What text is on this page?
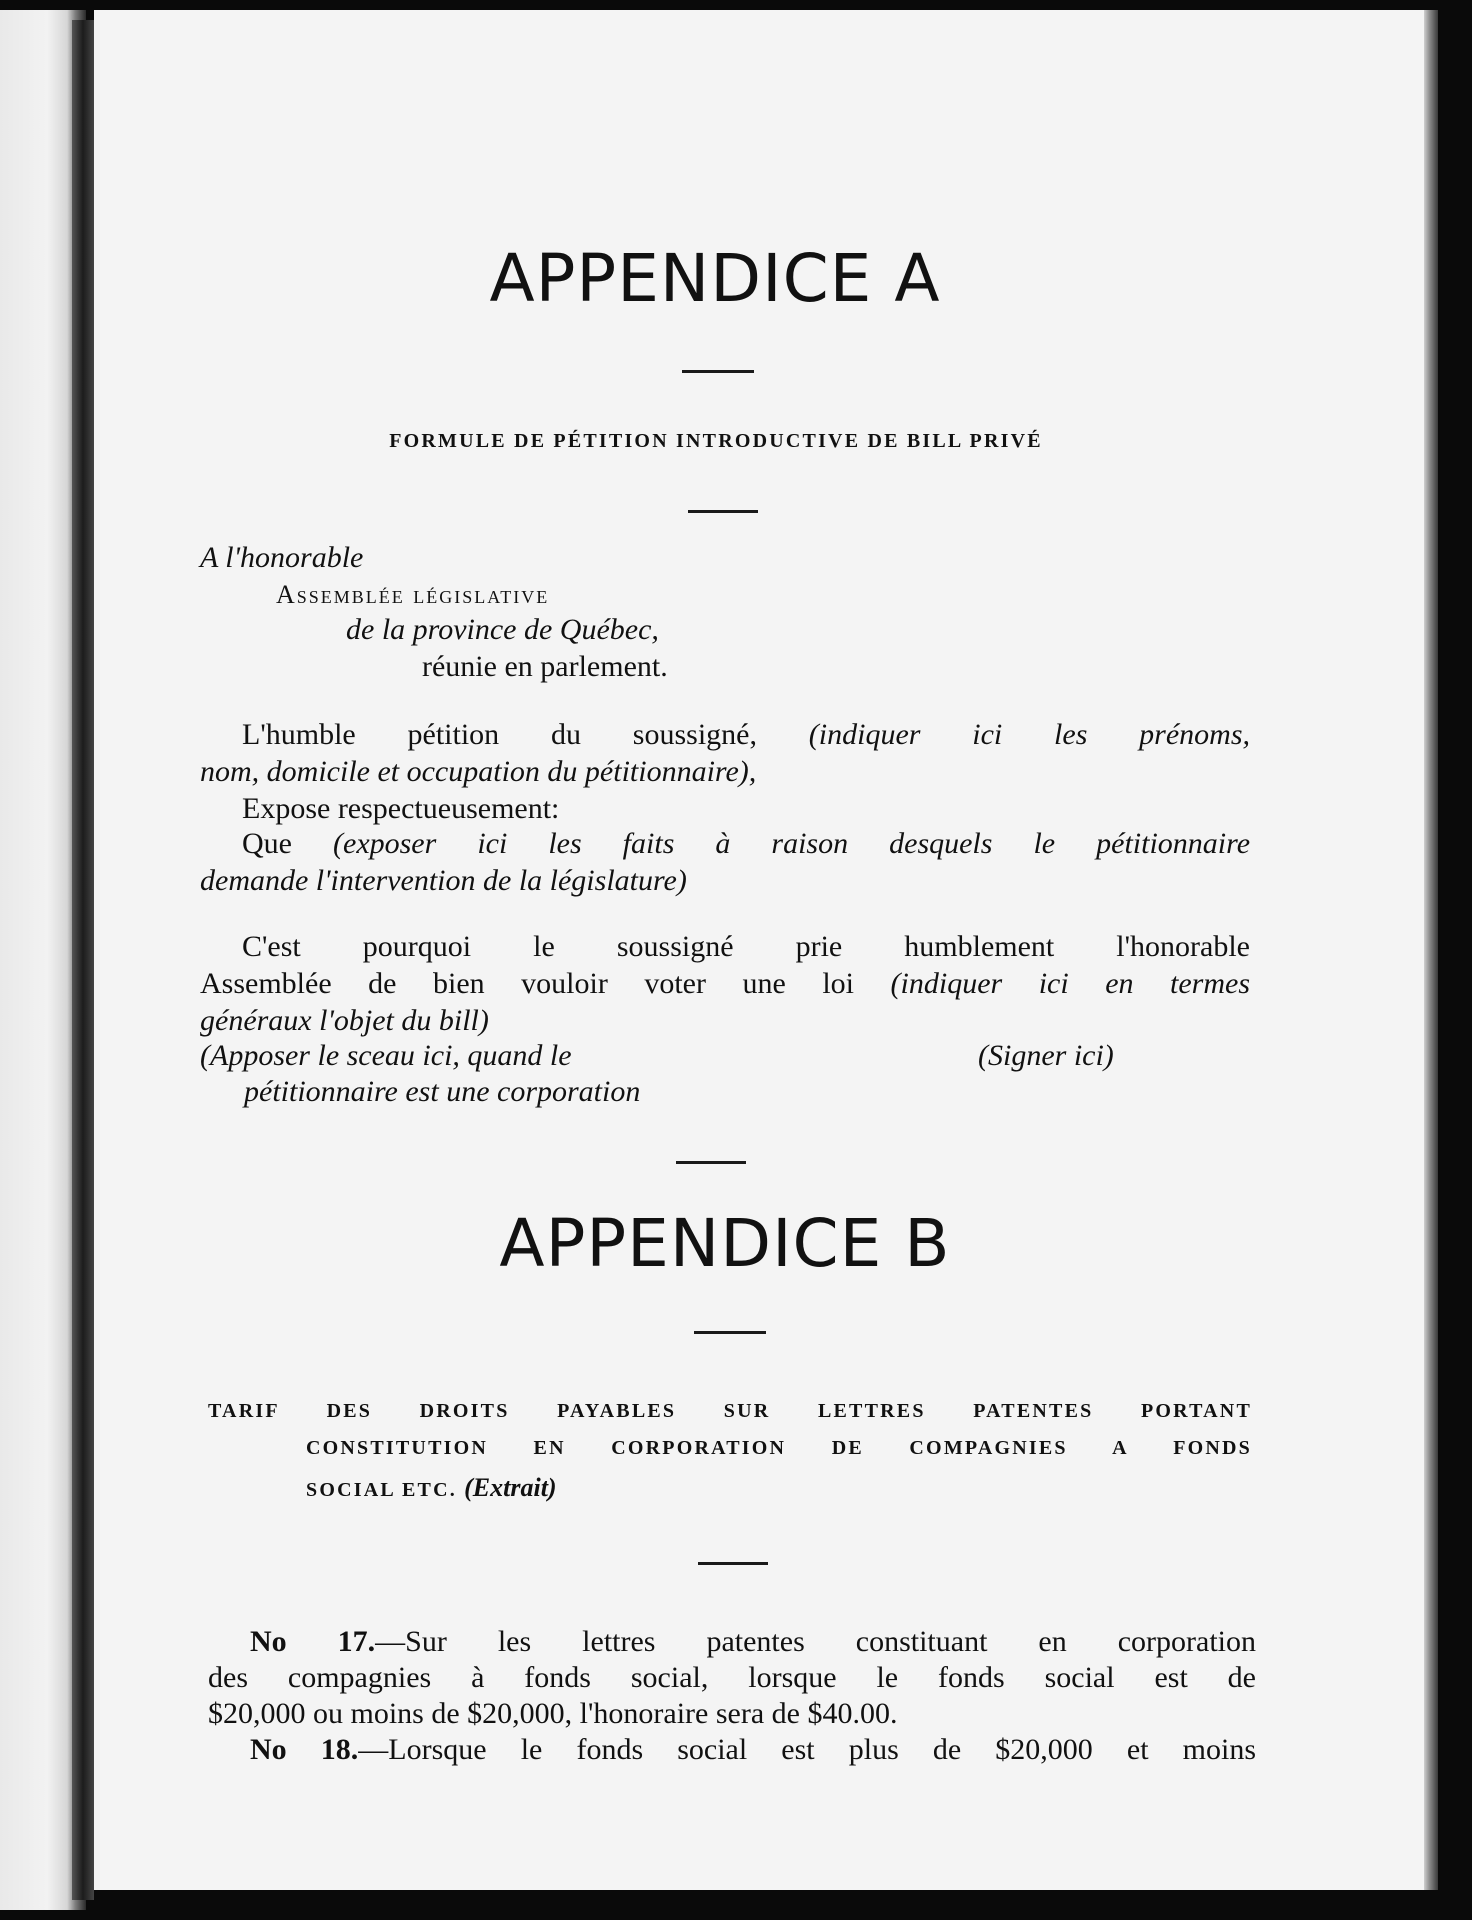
APPENDICE A
FORMULE DE PÉTITION INTRODUCTIVE DE BILL PRIVÉ
A l'honorable
Assemblée législative
de la province de Québec,
réunie en parlement.
L'humble pétition du soussigné, (indiquer ici les prénoms,
nom, domicile et occupation du pétitionnaire),
Expose respectueusement:
Que (exposer ici les faits à raison desquels le pétitionnaire
demande l'intervention de la législature)
C'est pourquoi le soussigné prie humblement l'honorable
Assemblée de bien vouloir voter une loi (indiquer ici en termes
généraux l'objet du bill)
(Apposer le sceau ici, quand le	(Signer ici)
pétitionnaire est une corporation
APPENDICE B
TARIF DES DROITS PAYABLES SUR LETTRES PATENTES PORTANT
CONSTITUTION EN CORPORATION DE COMPAGNIES A FONDS
SOCIAL ETC. (Extrait)
No 17.—Sur les lettres patentes constituant en corporation
des compagnies à fonds social, lorsque le fonds social est de
$20,000 ou moins de $20,000, l'honoraire sera de $40.00.
No 18.—Lorsque le fonds social est plus de $20,000 et moins
